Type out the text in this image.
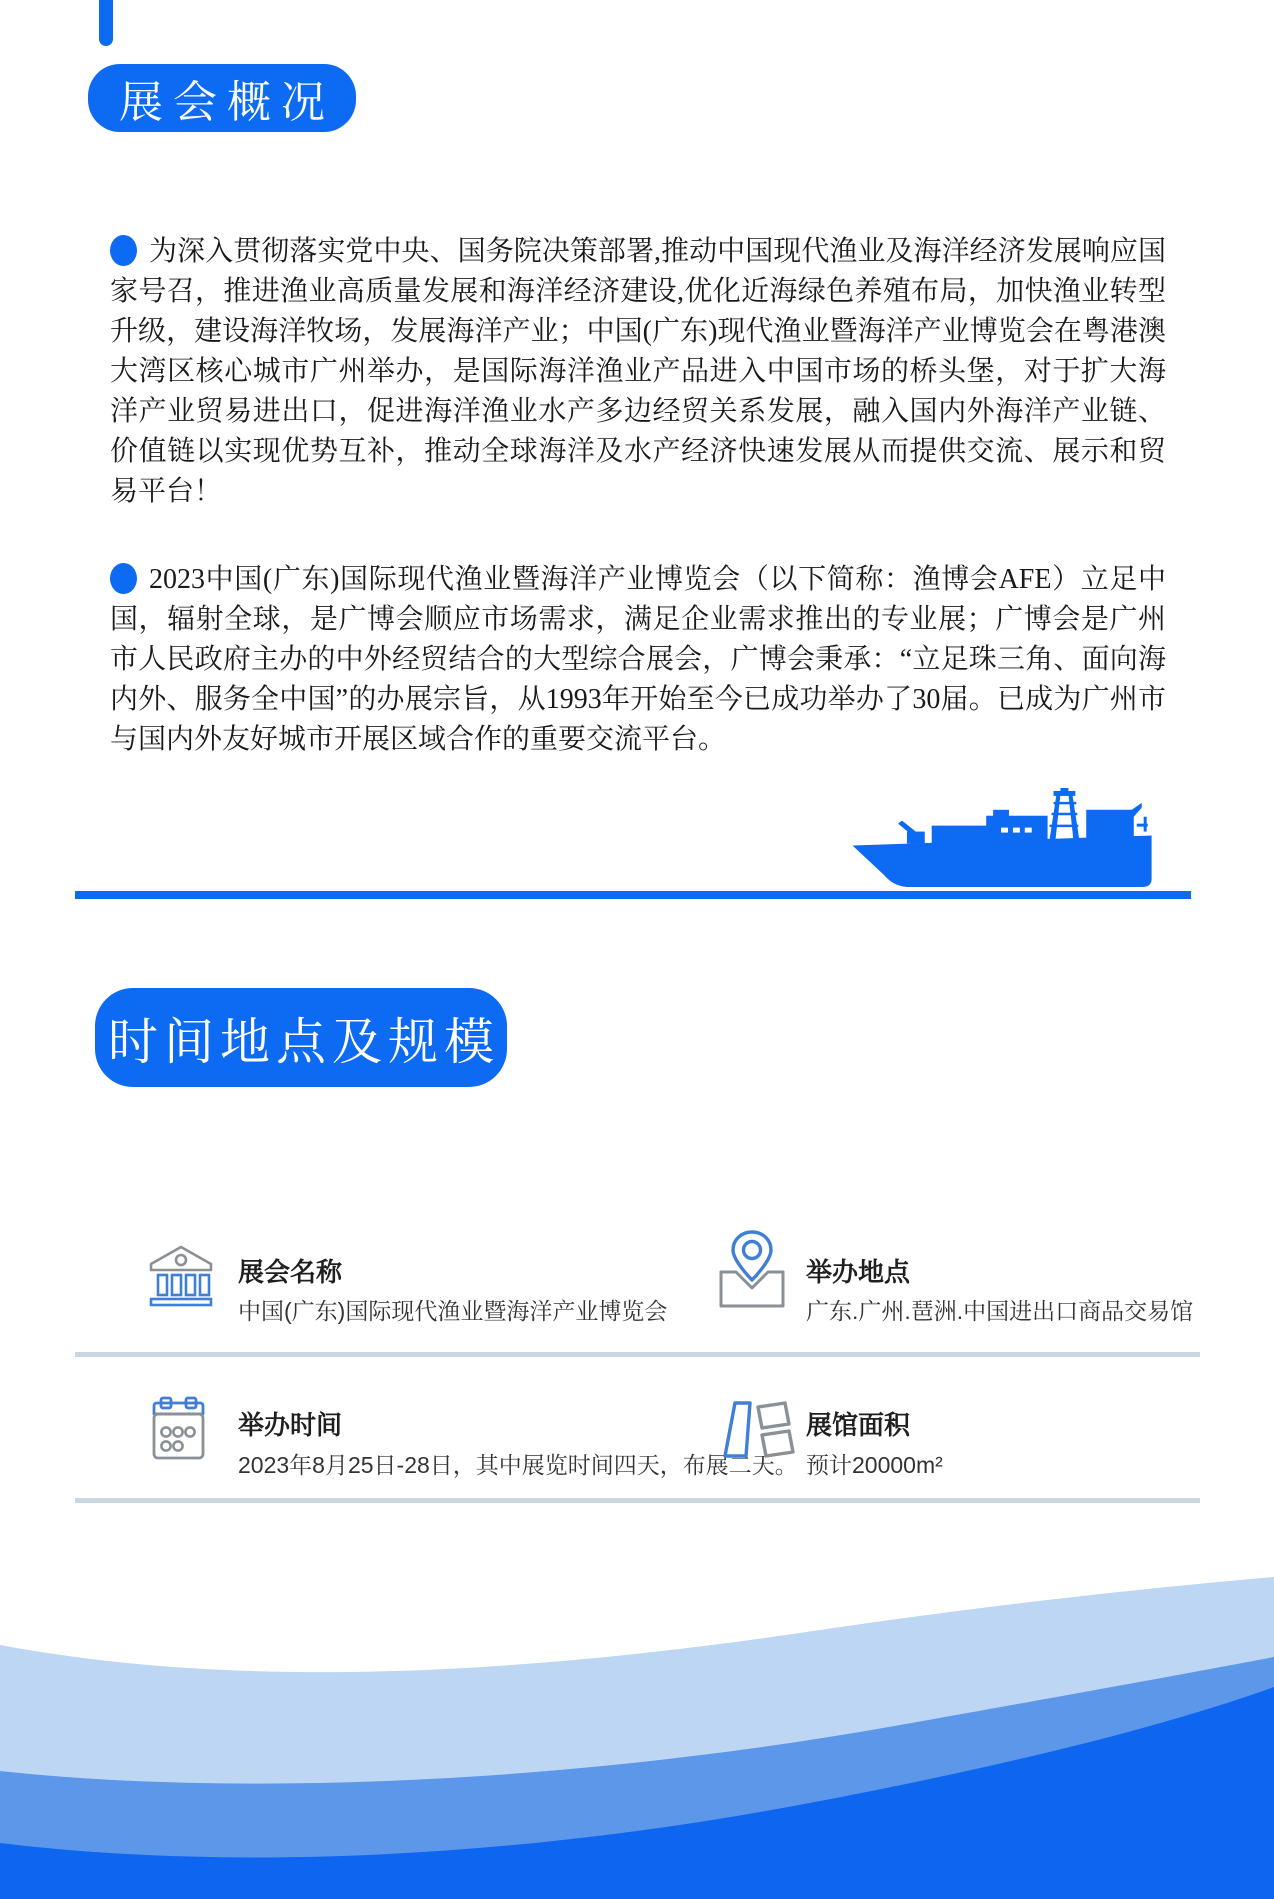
展会概况

为深入贯彻落实党中央、国务院决策部署,推动中国现代渔业及海洋经济发展响应国家号召，推进渔业高质量发展和海洋经济建设,优化近海绿色养殖布局，加快渔业转型升级，建设海洋牧场，发展海洋产业；中国(广东)现代渔业暨海洋产业博览会在粤港澳大湾区核心城市广州举办，是国际海洋渔业产品进入中国市场的桥头堡，对于扩大海洋产业贸易进出口，促进海洋渔业水产多边经贸关系发展，融入国内外海洋产业链、价值链以实现优势互补，推动全球海洋及水产经济快速发展从而提供交流、展示和贸易平台！

2023中国(广东)国际现代渔业暨海洋产业博览会（以下简称：渔博会AFE）立足中国，辐射全球，是广博会顺应市场需求，满足企业需求推出的专业展；广博会是广州市人民政府主办的中外经贸结合的大型综合展会，广博会秉承：“立足珠三角、面向海内外、服务全中国”的办展宗旨，从1993年开始至今已成功举办了30届。已成为广州市与国内外友好城市开展区域合作的重要交流平台。

时间地点及规模
展会名称
中国(广东)国际现代渔业暨海洋产业博览会
举办地点
广东.广州.琶洲.中国进出口商品交易馆
举办时间
2023年8月25日-28日，其中展览时间四天，布展二天。
展馆面积
预计20000m²
